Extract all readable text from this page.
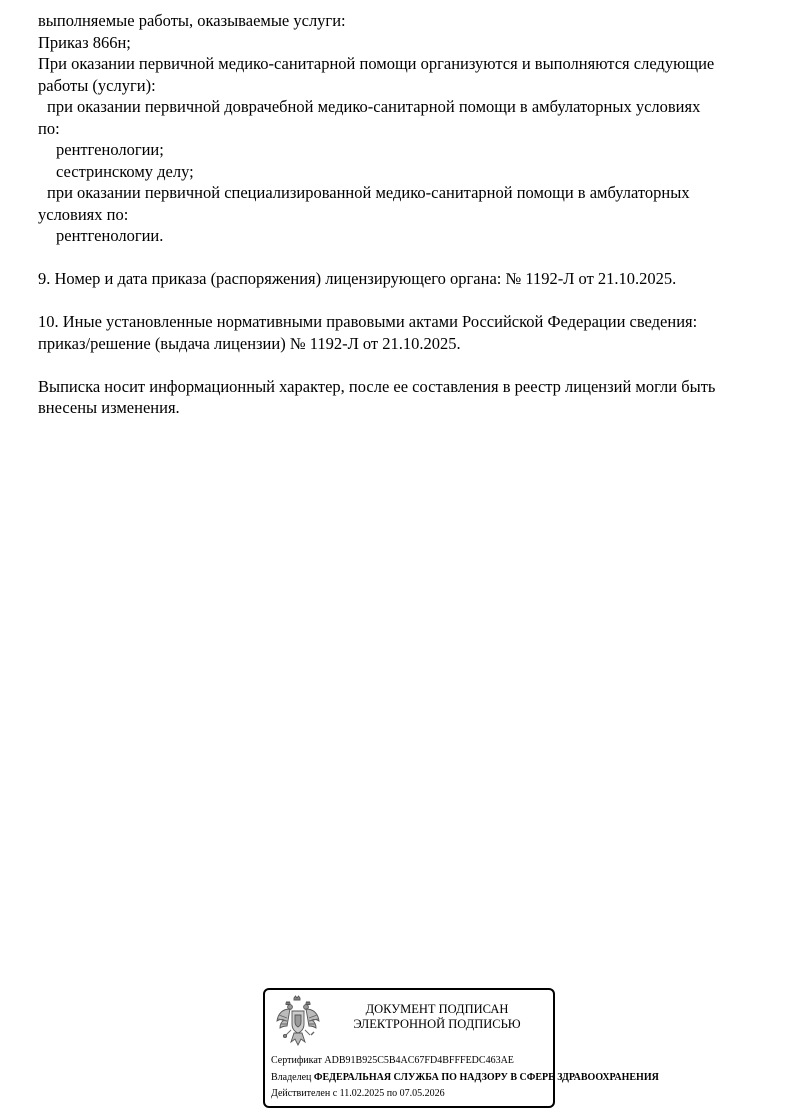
выполняемые работы, оказываемые услуги:
Приказ 866н;
При оказании первичной медико-санитарной помощи организуются и выполняются следующие
работы (услуги):
при оказании первичной доврачебной медико-санитарной помощи в амбулаторных условиях
по:
рентгенологии;
сестринскому делу;
при оказании первичной специализированной медико-санитарной помощи в амбулаторных
условиях по:
рентгенологии.
9. Номер и дата приказа (распоряжения) лицензирующего органа: № 1192-Л от 21.10.2025.
10. Иные установленные нормативными правовыми актами Российской Федерации сведения:
приказ/решение (выдача лицензии) № 1192-Л от 21.10.2025.
Выписка носит информационный характер, после ее составления в реестр лицензий могли быть
внесены изменения.
ДОКУМЕНТ ПОДПИСАН
ЭЛЕКТРОННОЙ ПОДПИСЬЮ
Сертификат ADB91B925C5B4AC67FD4BFFFEDC463AE
Владелец ФЕДЕРАЛЬНАЯ СЛУЖБА ПО НАДЗОРУ В СФЕРЕ ЗДРАВООХРАНЕНИЯ
Действителен с 11.02.2025 по 07.05.2026
